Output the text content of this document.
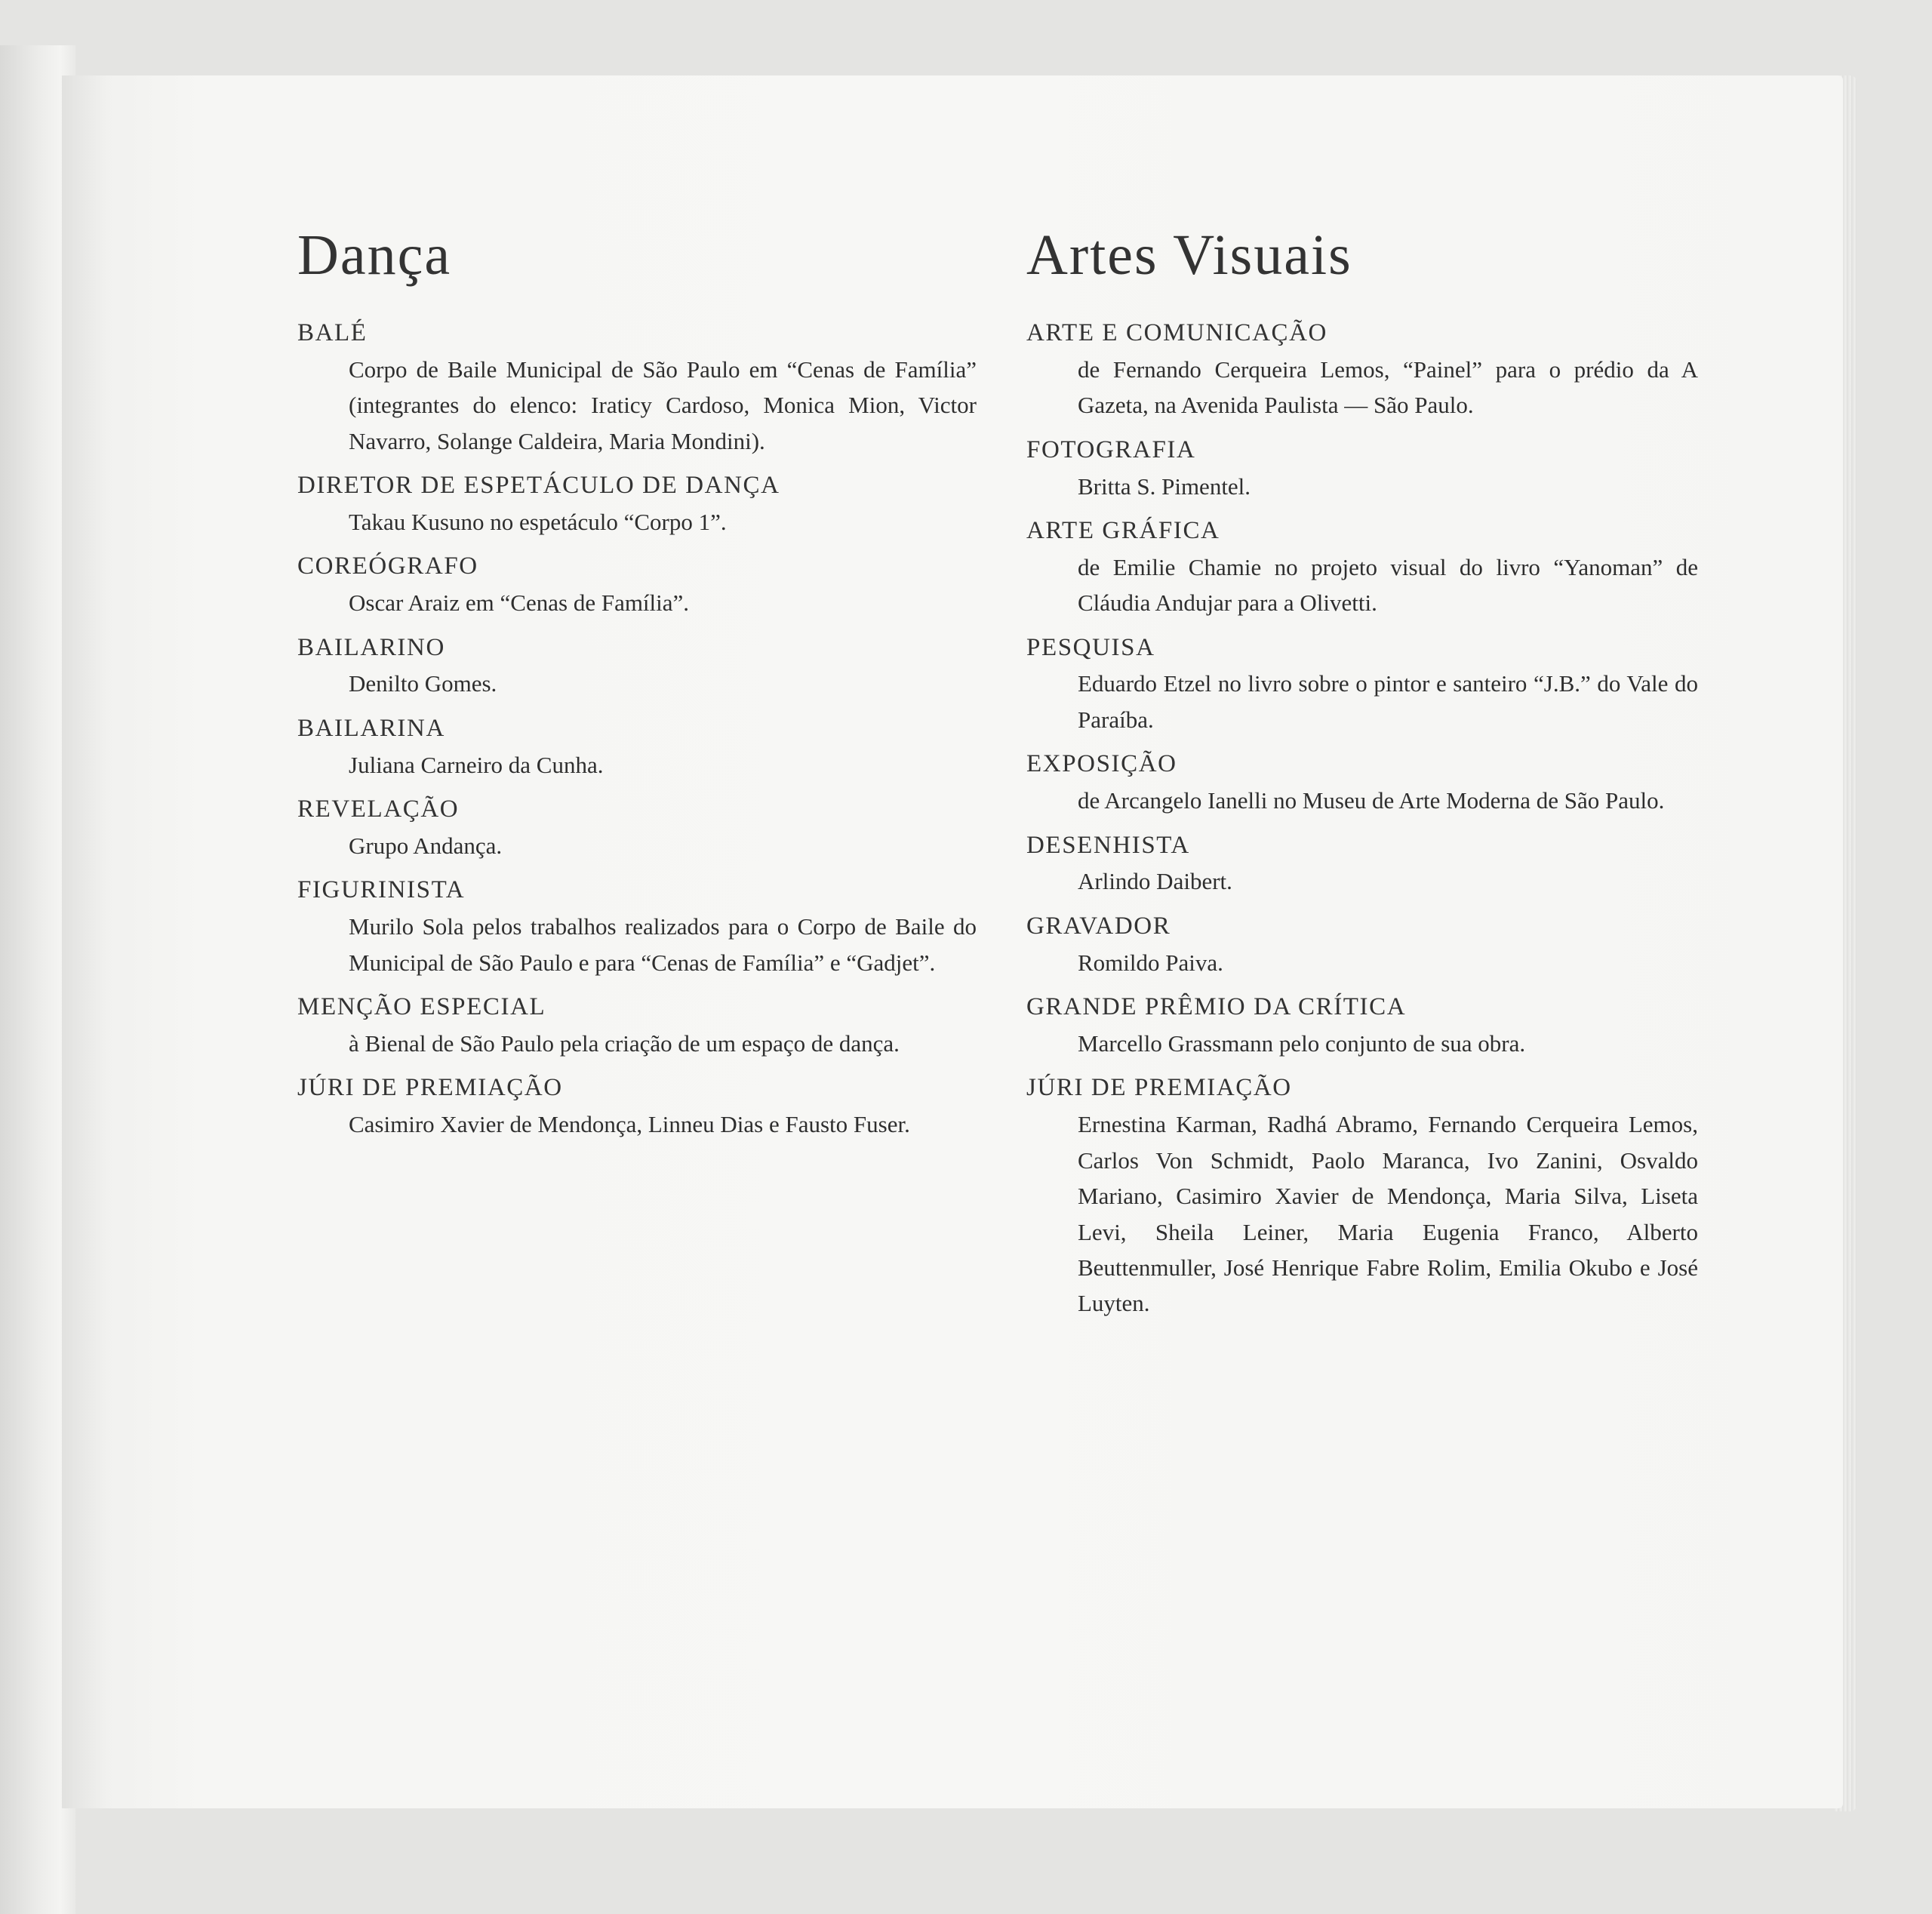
Dança
BALÉ
Corpo de Baile Municipal de São Paulo em “Cenas de Família” (integrantes do elenco: Iraticy Cardoso, Monica Mion, Victor Navarro, Solange Caldeira, Maria Mondini).
DIRETOR DE ESPETÁCULO DE DANÇA
Takau Kusuno no espetáculo “Corpo 1”.
COREÓGRAFO
Oscar Araiz em “Cenas de Família”.
BAILARINO
Denilto Gomes.
BAILARINA
Juliana Carneiro da Cunha.
REVELAÇÃO
Grupo Andança.
FIGURINISTA
Murilo Sola pelos trabalhos realizados para o Corpo de Baile do Municipal de São Paulo e para “Cenas de Família” e “Gadjet”.
MENÇÃO ESPECIAL
à Bienal de São Paulo pela criação de um espaço de dança.
JÚRI DE PREMIAÇÃO
Casimiro Xavier de Mendonça, Linneu Dias e Fausto Fuser.
Artes Visuais
ARTE E COMUNICAÇÃO
de Fernando Cerqueira Lemos, “Painel” para o prédio da A Gazeta, na Avenida Paulista — São Paulo.
FOTOGRAFIA
Britta S. Pimentel.
ARTE GRÁFICA
de Emilie Chamie no projeto visual do livro “Yanoman” de Cláudia Andujar para a Olivetti.
PESQUISA
Eduardo Etzel no livro sobre o pintor e santeiro “J.B.” do Vale do Paraíba.
EXPOSIÇÃO
de Arcangelo Ianelli no Museu de Arte Moderna de São Paulo.
DESENHISTA
Arlindo Daibert.
GRAVADOR
Romildo Paiva.
GRANDE PRÊMIO DA CRÍTICA
Marcello Grassmann pelo conjunto de sua obra.
JÚRI DE PREMIAÇÃO
Ernestina Karman, Radhá Abramo, Fernando Cerqueira Lemos, Carlos Von Schmidt, Paolo Maranca, Ivo Zanini, Osvaldo Mariano, Casimiro Xavier de Mendonça, Maria Silva, Liseta Levi, Sheila Leiner, Maria Eugenia Franco, Alberto Beuttenmuller, José Henrique Fabre Rolim, Emilia Okubo e José Luyten.
